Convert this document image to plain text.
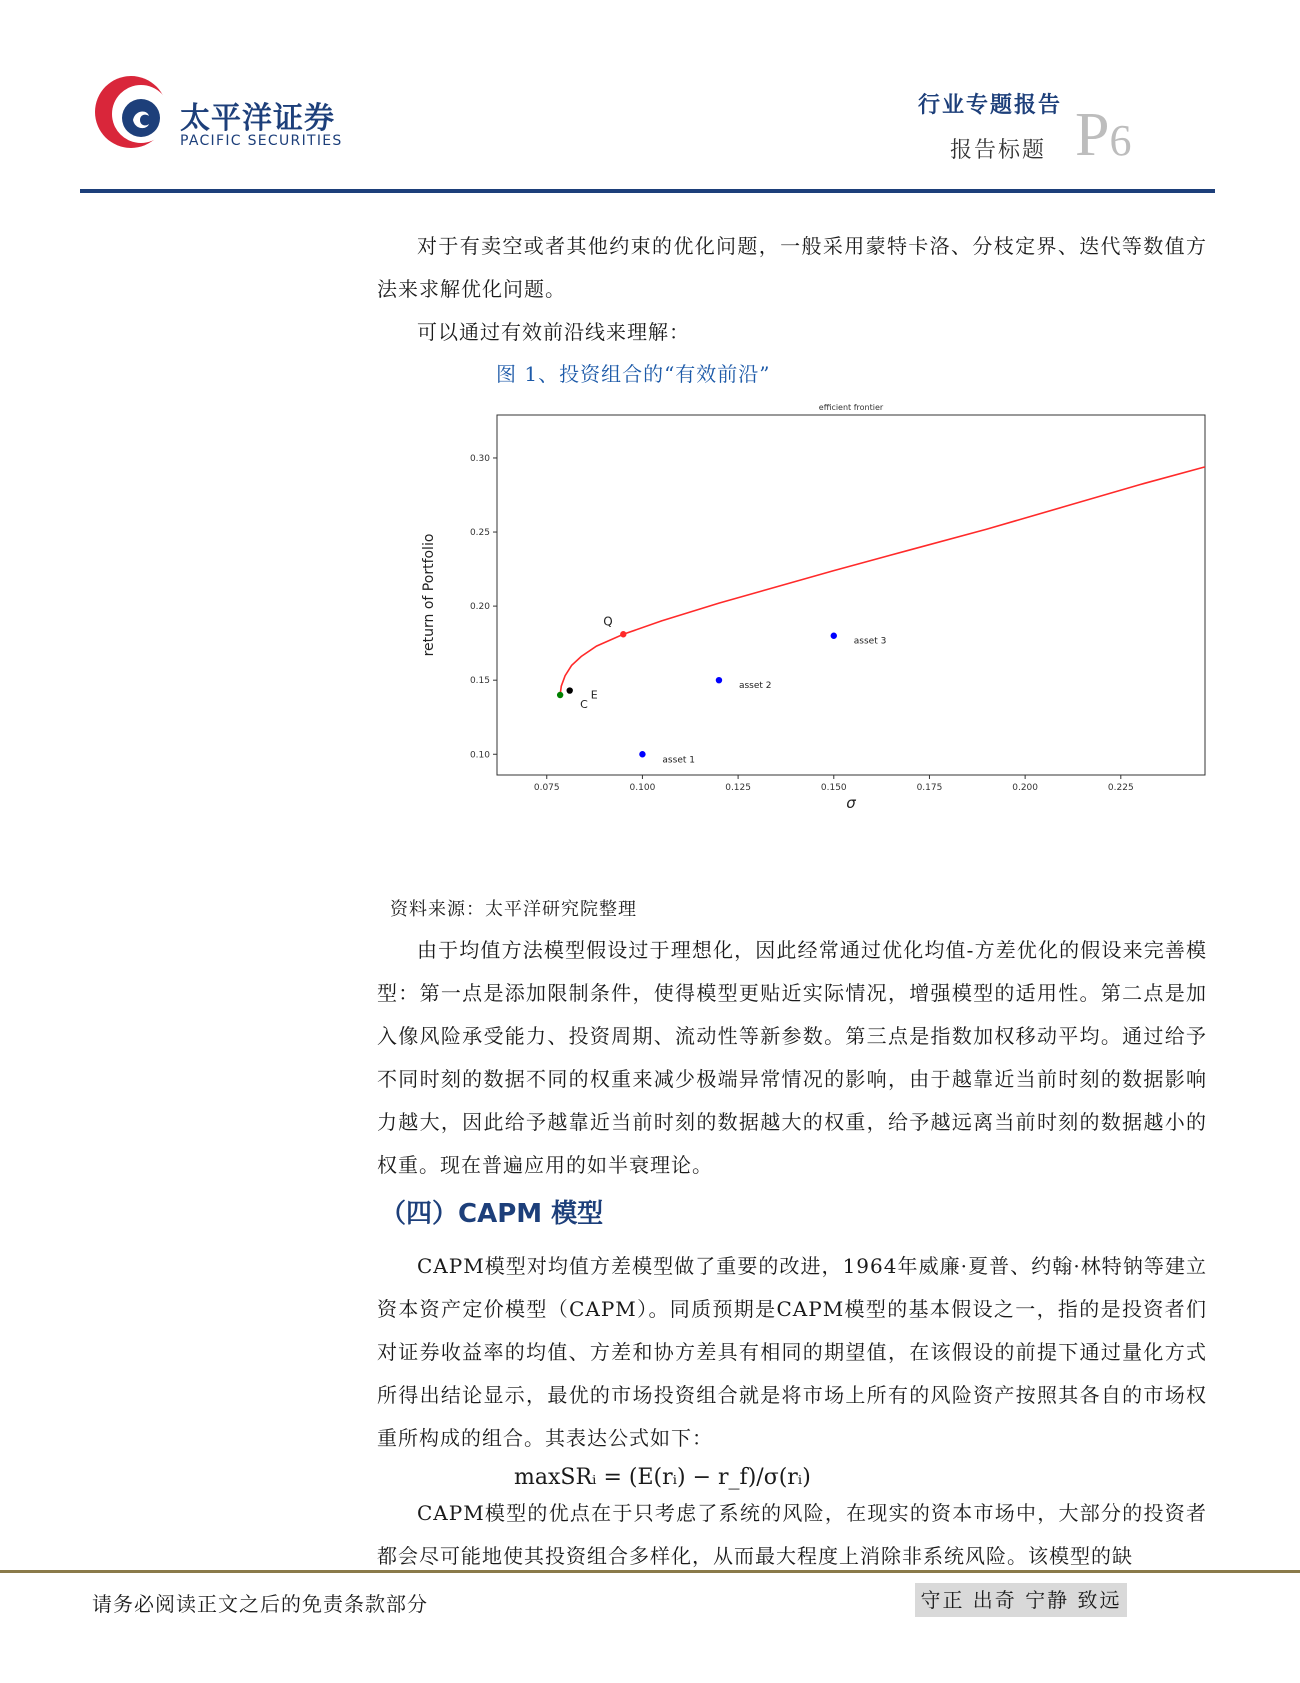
太平洋证券
PACIFIC SECURITIES
行业专题报告
报告标题 P6
对于有卖空或者其他约束的优化问题，一般采用蒙特卡洛、分枝定界、迭代等数值方法来求解优化问题。
可以通过有效前沿线来理解：
图 1、投资组合的“有效前沿”
0.075	0.100	0.125	0.150	0.175	0.200	0.225
0.10
0.15
0.20
0.25
0.30
efficient frontier
σ
return of Portfolio
asset 1
asset 2
asset 3
Q
C
E
资料来源：太平洋研究院整理
由于均值方法模型假设过于理想化，因此经常通过优化均值-方差优化的假设来完善模型：第一点是添加限制条件，使得模型更贴近实际情况，增强模型的适用性。第二点是加入像风险承受能力、投资周期、流动性等新参数。第三点是指数加权移动平均。通过给予不同时刻的数据不同的权重来减少极端异常情况的影响，由于越靠近当前时刻的数据影响力越大，因此给予越靠近当前时刻的数据越大的权重，给予越远离当前时刻的数据越小的权重。现在普遍应用的如半衰理论。
（四）CAPM 模型
CAPM模型对均值方差模型做了重要的改进，1964年威廉·夏普、约翰·林特钠等建立资本资产定价模型（CAPM）。同质预期是CAPM模型的基本假设之一，指的是投资者们对证券收益率的均值、方差和协方差具有相同的期望值，在该假设的前提下通过量化方式所得出结论显示，最优的市场投资组合就是将市场上所有的风险资产按照其各自的市场权重所构成的组合。其表达公式如下：
maxSRᵢ = (E(rᵢ) − r_f)/σ(rᵢ)
CAPM模型的优点在于只考虑了系统的风险，在现实的资本市场中，大部分的投资者都会尽可能地使其投资组合多样化，从而最大程度上消除非系统风险。该模型的缺
请务必阅读正文之后的免责条款部分	守正 出奇 宁静 致远
